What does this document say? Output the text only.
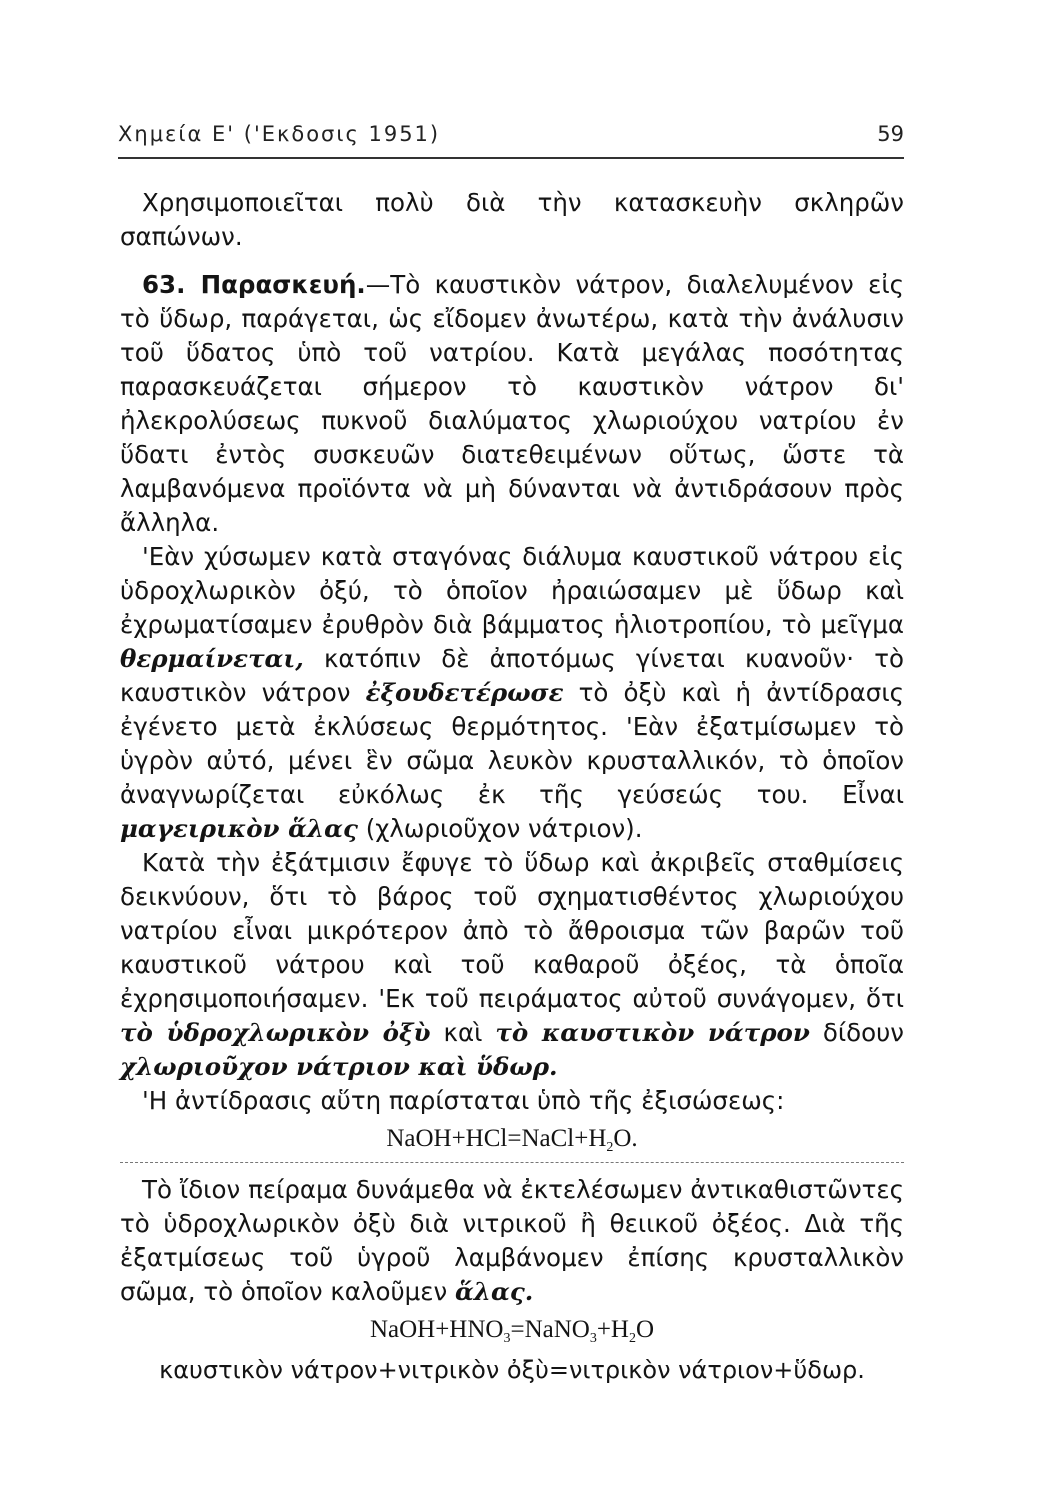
Χημεία Ε' ('Εκδοσις 1951)	59

Χρησιμοποιεῖται πολὺ διὰ τὴν κατασκευὴν σκληρῶν σαπώνων.

63. Παρασκευή.—Τὸ καυστικὸν νάτρον, διαλελυμένον εἰς τὸ ὕδωρ, παράγεται, ὡς εἴδομεν ἀνωτέρω, κατὰ τὴν ἀνάλυσιν τοῦ ὕδατος ὑπὸ τοῦ νατρίου. Κατὰ μεγάλας ποσότητας παρασκευάζεται σήμερον τὸ καυστικὸν νάτρον δι' ἠλεκρολύσεως πυκνοῦ διαλύματος χλωριούχου νατρίου ἐν ὕδατι ἐντὸς συσκευῶν διατεθειμένων οὕτως, ὥστε τὰ λαμβανόμενα προϊόντα νὰ μὴ δύνανται νὰ ἀντιδράσουν πρὸς ἄλληλα.

'Εὰν χύσωμεν κατὰ σταγόνας διάλυμα καυστικοῦ νάτρου εἰς ὑδροχλωρικὸν ὀξύ, τὸ ὁποῖον ἠραιώσαμεν μὲ ὕδωρ καὶ ἐχρωματίσαμεν ἐρυθρὸν διὰ βάμματος ἡλιοτροπίου, τὸ μεῖγμα θερμαίνεται, κατόπιν δὲ ἀποτόμως γίνεται κυανοῦν· τὸ καυστικὸν νάτρον ἐξουδετέρωσε τὸ ὀξὺ καὶ ἡ ἀντίδρασις ἐγένετο μετὰ ἐκλύσεως θερμότητος. 'Εὰν ἐξατμίσωμεν τὸ ὑγρὸν αὐτό, μένει ἓν σῶμα λευκὸν κρυσταλλικόν, τὸ ὁποῖον ἀναγνωρίζεται εὐκόλως ἐκ τῆς γεύσεώς του. Εἶναι μαγειρικὸν ἅλας (χλωριοῦχον νάτριον).

Κατὰ τὴν ἐξάτμισιν ἔφυγε τὸ ὕδωρ καὶ ἀκριβεῖς σταθμίσεις δεικνύουν, ὅτι τὸ βάρος τοῦ σχηματισθέντος χλωριούχου νατρίου εἶναι μικρότερον ἀπὸ τὸ ἄθροισμα τῶν βαρῶν τοῦ καυστικοῦ νάτρου καὶ τοῦ καθαροῦ ὀξέος, τὰ ὁποῖα ἐχρησιμοποιήσαμεν. 'Εκ τοῦ πειράματος αὐτοῦ συνάγομεν, ὅτι τὸ ὑδροχλωρικὸν ὀξὺ καὶ τὸ καυστικὸν νάτρον δίδουν χλωριοῦχον νάτριον καὶ ὕδωρ.

'Η ἀντίδρασις αὕτη παρίσταται ὑπὸ τῆς ἐξισώσεως:

$NaOH+HCl=NaCl+H_2O$.

Τὸ ἴδιον πείραμα δυνάμεθα νὰ ἐκτελέσωμεν ἀντικαθιστῶντες τὸ ὑδροχλωρικὸν ὀξὺ διὰ νιτρικοῦ ἢ θειικοῦ ὀξέος. Διὰ τῆς ἐξατμίσεως τοῦ ὑγροῦ λαμβάνομεν ἐπίσης κρυσταλλικὸν σῶμα, τὸ ὁποῖον καλοῦμεν ἅλας.

$NaOH+HNO_3=NaNO_3+H_2O$

καυστικὸν νάτρον+νιτρικὸν ὀξὺ=νιτρικὸν νάτριον+ὕδωρ.
